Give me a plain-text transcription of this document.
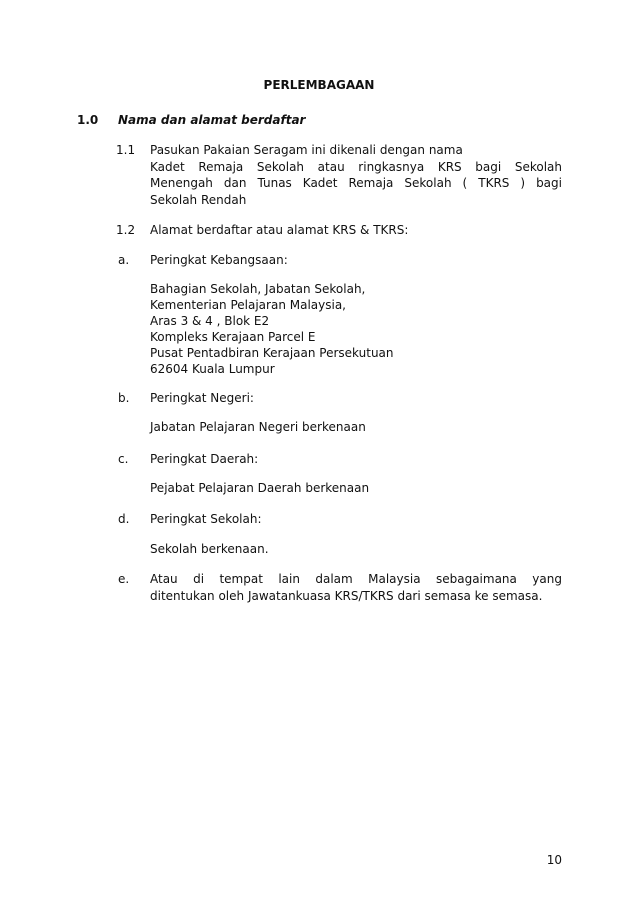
PERLEMBAGAAN
1.0 Nama dan alamat berdaftar
1.1 Pasukan Pakaian Seragam ini dikenali dengan nama
Kadet Remaja Sekolah atau ringkasnya KRS bagi Sekolah
Menengah dan Tunas Kadet Remaja Sekolah ( TKRS ) bagi
Sekolah Rendah
1.2 Alamat berdaftar atau alamat KRS & TKRS:
a. Peringkat Kebangsaan:
Bahagian Sekolah, Jabatan Sekolah,
Kementerian Pelajaran Malaysia,
Aras 3 & 4 , Blok E2
Kompleks Kerajaan Parcel E
Pusat Pentadbiran Kerajaan Persekutuan
62604 Kuala Lumpur
b. Peringkat Negeri:
Jabatan Pelajaran Negeri berkenaan
c. Peringkat Daerah:
Pejabat Pelajaran Daerah berkenaan
d. Peringkat Sekolah:
Sekolah berkenaan.
e. Atau di tempat lain dalam Malaysia sebagaimana yang
ditentukan oleh Jawatankuasa KRS/TKRS dari semasa ke semasa.
10
